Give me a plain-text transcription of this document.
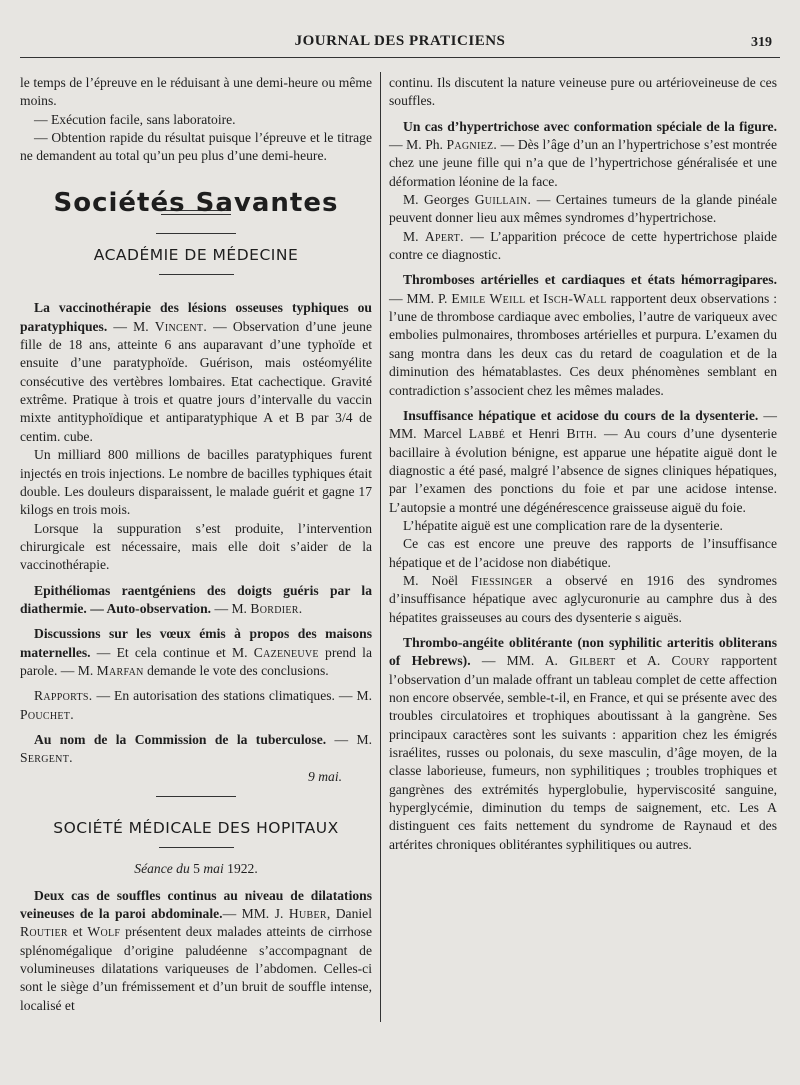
JOURNAL DES PRATICIENS	319

le temps de l’épreuve en le réduisant à une demi-heure ou même moins.

— Exécution facile, sans laboratoire.

— Obtention rapide du résultat puisque l’épreuve et le titrage ne demandent au total qu’un peu plus d’une demi-heure.

Sociétés Savantes
ACADÉMIE DE MÉDECINE

La vaccinothérapie des lésions osseuses typhiques ou paratyphiques. — M. Vincent. — Observation d’une jeune fille de 18 ans, atteinte 6 ans auparavant d’une typhoïde et ensuite d’une paratyphoïde. Guérison, mais ostéomyélite consécutive des vertèbres lombaires. Etat cachectique. Gravité extrême. Pratique à trois et quatre jours d’intervalle du vaccin mixte antityphoïdique et antiparatyphique A et B par 3/4 de centim. cube.

Un milliard 800 millions de bacilles paratyphiques furent injectés en trois injections. Le nombre de bacilles typhiques était double. Les douleurs disparaissent, le malade guérit et gagne 17 kilogs en trois mois.

Lorsque la suppuration s’est produite, l’intervention chirurgicale est nécessaire, mais elle doit s’aider de la vaccinothérapie.

Epithéliomas raentgéniens des doigts guéris par la diathermie. — Auto-observation. — M. Bordier.

Discussions sur les vœux émis à propos des maisons maternelles. — Et cela continue et M. Cazeneuve prend la parole. — M. Marfan demande le vote des conclusions.

Rapports. — En autorisation des stations climatiques. — M. Pouchet.

Au nom de la Commission de la tuberculose. — M. Sergent.

9 mai.

SOCIÉTÉ MÉDICALE DES HOPITAUX

Séance du 5 mai 1922.

Deux cas de souffles continus au niveau de dilatations veineuses de la paroi abdominale.— MM. J. Huber, Daniel Routier et Wolf présentent deux malades atteints de cirrhose splénomégalique d’origine paludéenne s’accompagnant de volumineuses dilatations variqueuses de l’abdomen. Celles-ci sont le siège d’un frémissement et d’un bruit de souffle intense, localisé et

continu. Ils discutent la nature veineuse pure ou artérioveineuse de ces souffles.

Un cas d’hypertrichose avec conformation spéciale de la figure. — M. Ph. Pagniez. — Dès l’âge d’un an l’hypertrichose s’est montrée chez une jeune fille qui n’a que de l’hypertrichose généralisée et une déformation léonine de la face.

M. Georges Guillain. — Certaines tumeurs de la glande pinéale peuvent donner lieu aux mêmes syndromes d’hypertrichose.

M. Apert. — L’apparition précoce de cette hypertrichose plaide contre ce diagnostic.

Thromboses artérielles et cardiaques et états hémorragipares. — MM. P. Emile Weill et Isch-Wall rapportent deux observations : l’une de thrombose cardiaque avec embolies, l’autre de variqueux avec embolies pulmonaires, thromboses artérielles et purpura. L’examen du sang montra dans les deux cas du retard de coagulation et de la diminution des hématablastes. Ces deux phénomènes semblant en contradiction s’associent chez les mêmes malades.

Insuffisance hépatique et acidose du cours de la dysenterie. — MM. Marcel Labbé et Henri Bith. — Au cours d’une dysenterie bacillaire à évolution bénigne, est apparue une hépatite aiguë dont le diagnostic a été pasé, malgré l’absence de signes cliniques hépatiques, par l’examen des ponctions du foie et par une acidose intense. L’autopsie a montré une dégénérescence graisseuse aiguë du foie.

L’hépatite aiguë est une complication rare de la dysenterie.

Ce cas est encore une preuve des rapports de l’insuffisance hépatique et de l’acidose non diabétique.

M. Noël Fiessinger a observé en 1916 des syndromes d’insuffisance hépatique avec aglycuronurie au camphre dus à des hépatites graisseuses au cours des dysenterie s aiguës.

Thrombo-angéite oblitérante (non syphilitic arteritis obliterans of Hebrews). — MM. A. Gilbert et A. Coury rapportent l’observation d’un malade offrant un tableau complet de cette affection non encore observée, semble-t-il, en France, et qui se présente avec des troubles circulatoires et trophiques aboutissant à la gangrène. Ses principaux caractères sont les suivants : apparition chez les émigrés israélites, russes ou polonais, du sexe masculin, d’âge moyen, de la classe laborieuse, fumeurs, non syphilitiques ; troubles trophiques et gangrènes des extrémités hyperglobulie, hyperviscosité sanguine, hyperglycémie, diminution du temps de saignement, etc. Les A distinguent ces faits nettement du syndrome de Raynaud et des artérites chroniques oblitérantes syphilitiques ou autres.
